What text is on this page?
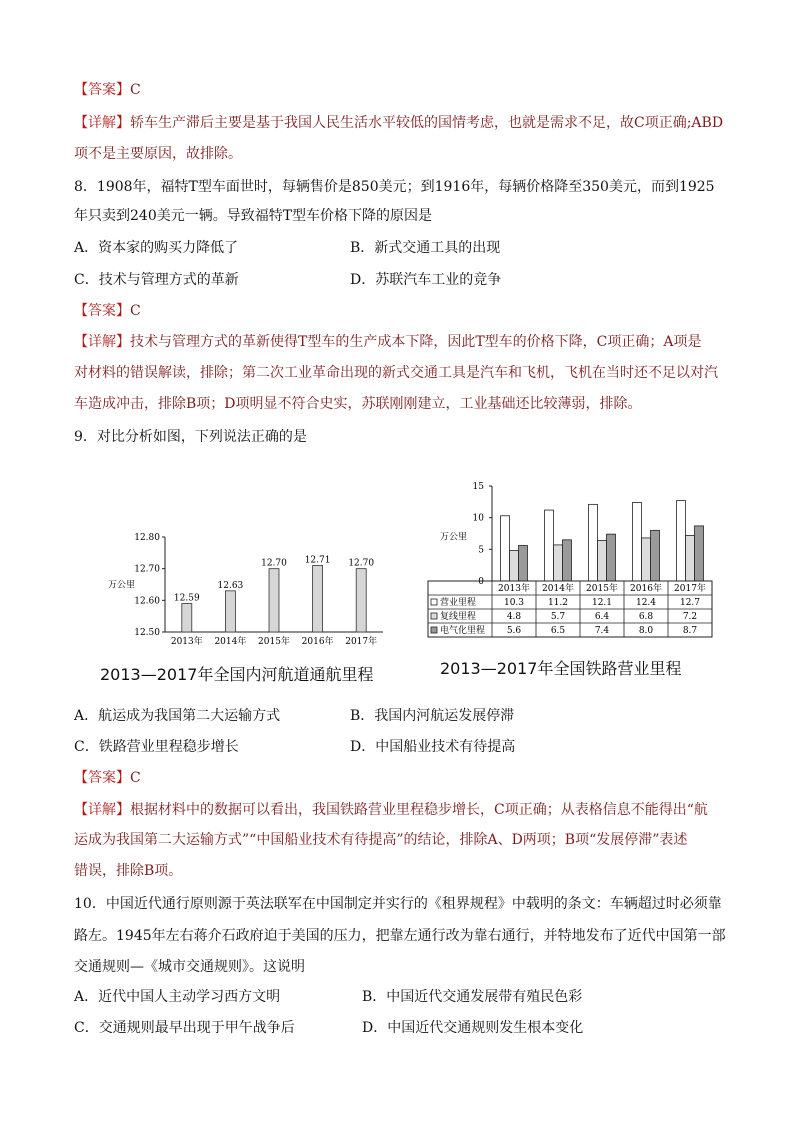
【答案】C
【详解】轿车生产滞后主要是基于我国人民生活水平较低的国情考虑，也就是需求不足，故C项正确;ABD
项不是主要原因，故排除。
8．1908年，福特T型车面世时，每辆售价是850美元；到1916年，每辆价格降至350美元，而到1925
年只卖到240美元一辆。导致福特T型车价格下降的原因是
A．资本家的购买力降低了	B．新式交通工具的出现
C．技术与管理方式的革新	D．苏联汽车工业的竞争
【答案】C
【详解】技术与管理方式的革新使得T型车的生产成本下降，因此T型车的价格下降，C项正确；A项是
对材料的错误解读，排除；第二次工业革命出现的新式交通工具是汽车和飞机，飞机在当时还不足以对汽
车造成冲击，排除B项；D项明显不符合史实，苏联刚刚建立，工业基础还比较薄弱，排除。
9．对比分析如图，下列说法正确的是
12.50
12.60
12.70
12.80
万公里
12.59
2013年
12.63
2014年
12.70
2015年
12.71
2016年
12.70
2017年
2013—2017年全国内河航道通航里程
0
5
10
15
万公里
2013年 2014年 2015年 2016年 2017年
营业里程	10.3	11.2	12.1	12.4	12.7
复线里程	4.8	5.7	6.4	6.8	7.2
电气化里程 5.6	6.5	7.4	8.0	8.7
2013—2017年全国铁路营业里程
A．航运成为我国第二大运输方式	B．我国内河航运发展停滞
C．铁路营业里程稳步增长	D．中国船业技术有待提高
【答案】C
【详解】根据材料中的数据可以看出，我国铁路营业里程稳步增长，C项正确；从表格信息不能得出“航
运成为我国第二大运输方式”“中国船业技术有待提高”的结论，排除A、D两项；B项“发展停滞”表述
错误，排除B项。
10．中国近代通行原则源于英法联军在中国制定并实行的《租界规程》中载明的条文：车辆超过时必须靠
路左。1945年左右蒋介石政府迫于美国的压力，把靠左通行改为靠右通行，并特地发布了近代中国第一部
交通规则—《城市交通规则》。这说明
A．近代中国人主动学习西方文明	B．中国近代交通发展带有殖民色彩
C．交通规则最早出现于甲午战争后	D．中国近代交通规则发生根本变化
